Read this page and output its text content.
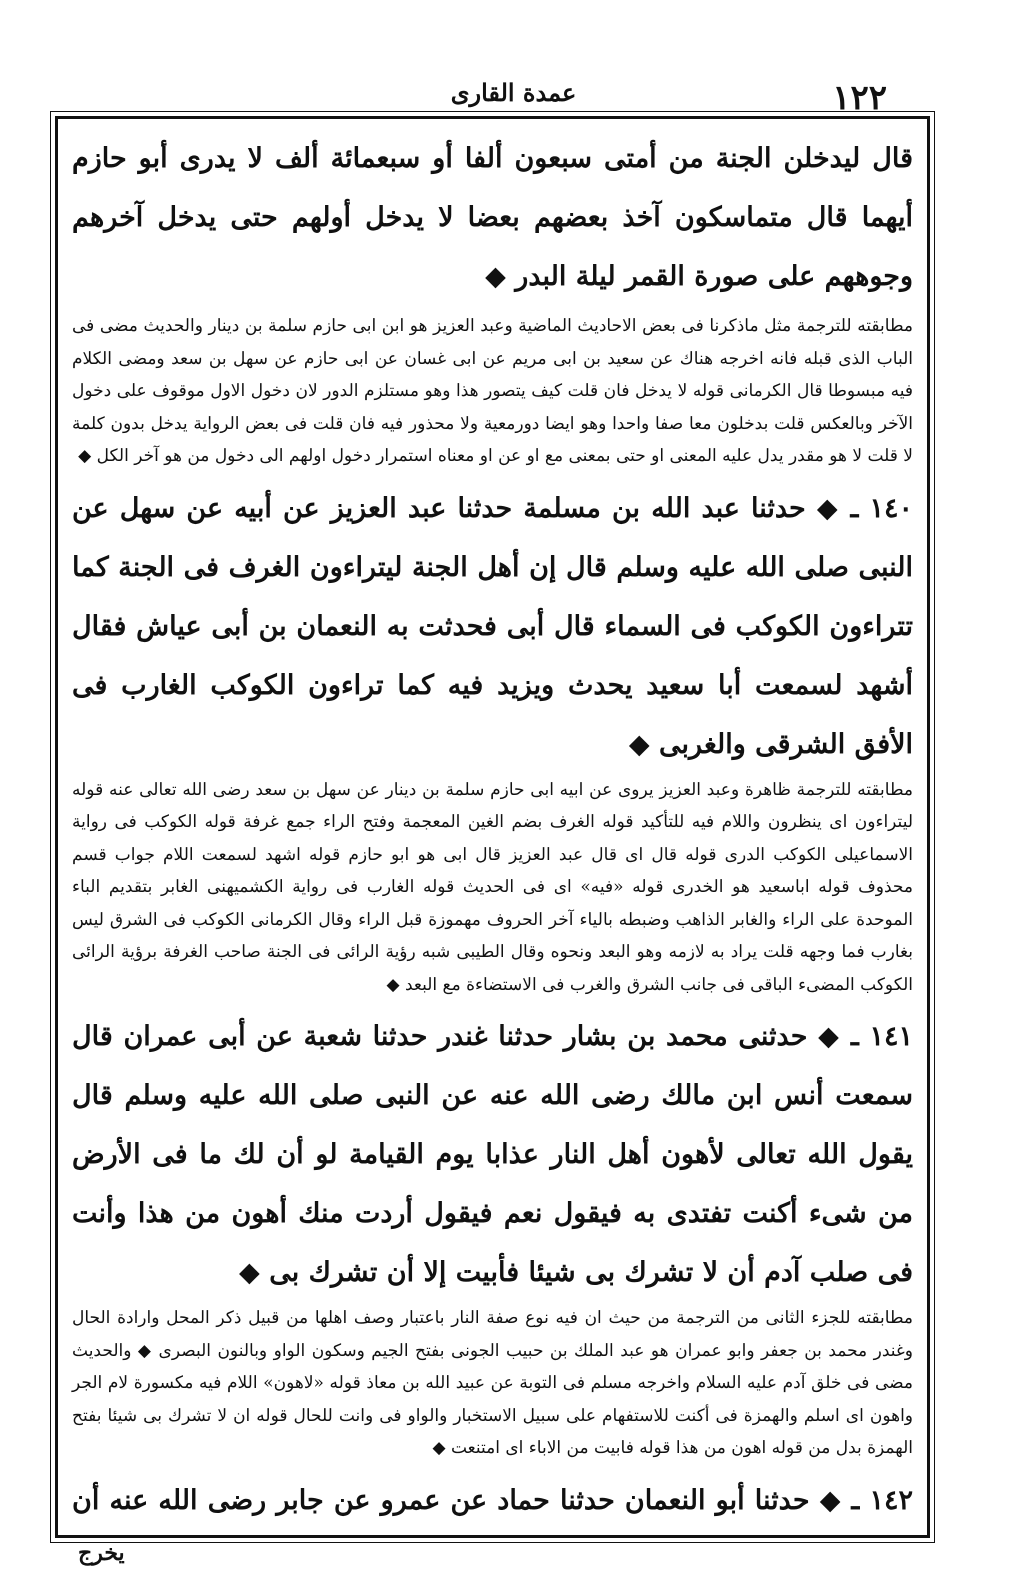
١٢٢
عمدة القارى
قال ليدخلن الجنة من أمتى سبعون ألفا أو سبعمائة ألف لا يدرى أبو حازم أيهما قال متماسكون آخذ بعضهم بعضا لا يدخل أولهم حتى يدخل آخرهم وجوههم على صورة القمر ليلة البدر ◆
مطابقته للترجمة مثل ماذكرنا فى بعض الاحاديث الماضية وعبد العزيز هو ابن ابى حازم سلمة بن دينار والحديث مضى فى الباب الذى قبله فانه اخرجه هناك عن سعيد بن ابى مريم عن ابى غسان عن ابى حازم عن سهل بن سعد ومضى الكلام فيه مبسوطا قال الكرمانى قوله لا يدخل فان قلت كيف يتصور هذا وهو مستلزم الدور لان دخول الاول موقوف على دخول الآخر وبالعكس قلت بدخلون معا صفا واحدا وهو ايضا دورمعية ولا محذور فيه فان قلت فى بعض الرواية يدخل بدون كلمة لا قلت لا هو مقدر يدل عليه المعنى او حتى بمعنى مع او عن او معناه استمرار دخول اولهم الى دخول من هو آخر الكل ◆
١٤٠ ـ ◆ حدثنا عبد الله بن مسلمة حدثنا عبد العزيز عن أبيه عن سهل عن النبى صلى الله عليه وسلم قال إن أهل الجنة ليتراءون الغرف فى الجنة كما تتراءون الكوكب فى السماء قال أبى فحدثت به النعمان بن أبى عياش فقال أشهد لسمعت أبا سعيد يحدث ويزيد فيه كما تراءون الكوكب الغارب فى الأفق الشرقى والغربى ◆
مطابقته للترجمة ظاهرة وعبد العزيز يروى عن ابيه ابى حازم سلمة بن دينار عن سهل بن سعد رضى الله تعالى عنه قوله ليتراءون اى ينظرون واللام فيه للتأكيد قوله الغرف بضم الغين المعجمة وفتح الراء جمع غرفة قوله الكوكب فى رواية الاسماعيلى الكوكب الدرى قوله قال اى قال عبد العزيز قال ابى هو ابو حازم قوله اشهد لسمعت اللام جواب قسم محذوف قوله اباسعيد هو الخدرى قوله «فيه» اى فى الحديث قوله الغارب فى رواية الكشميهنى الغابر بتقديم الباء الموحدة على الراء والغابر الذاهب وضبطه بالياء آخر الحروف مهموزة قبل الراء وقال الكرمانى الكوكب فى الشرق ليس بغارب فما وجهه قلت يراد به لازمه وهو البعد ونحوه وقال الطيبى شبه رؤية الرائى فى الجنة صاحب الغرفة برؤية الرائى الكوكب المضىء الباقى فى جانب الشرق والغرب فى الاستضاءة مع البعد ◆
١٤١ ـ ◆ حدثنى محمد بن بشار حدثنا غندر حدثنا شعبة عن أبى عمران قال سمعت أنس ابن مالك رضى الله عنه عن النبى صلى الله عليه وسلم قال يقول الله تعالى لأهون أهل النار عذابا يوم القيامة لو أن لك ما فى الأرض من شىء أكنت تفتدى به فيقول نعم فيقول أردت منك أهون من هذا وأنت فى صلب آدم أن لا تشرك بى شيئا فأبيت إلا أن تشرك بى ◆
مطابقته للجزء الثانى من الترجمة من حيث ان فيه نوع صفة النار باعتبار وصف اهلها من قبيل ذكر المحل وارادة الحال وغندر محمد بن جعفر وابو عمران هو عبد الملك بن حبيب الجونى بفتح الجيم وسكون الواو وبالنون البصرى ◆ والحديث مضى فى خلق آدم عليه السلام واخرجه مسلم فى التوبة عن عبيد الله بن معاذ قوله «لاهون» اللام فيه مكسورة لام الجر واهون اى اسلم والهمزة فى أكنت للاستفهام على سبيل الاستخبار والواو فى وانت للحال قوله ان لا تشرك بى شيئا بفتح الهمزة بدل من قوله اهون من هذا قوله فابيت من الاباء اى امتنعت ◆
١٤٢ ـ ◆ حدثنا أبو النعمان حدثنا حماد عن عمرو عن جابر رضى الله عنه أن
يخرج
